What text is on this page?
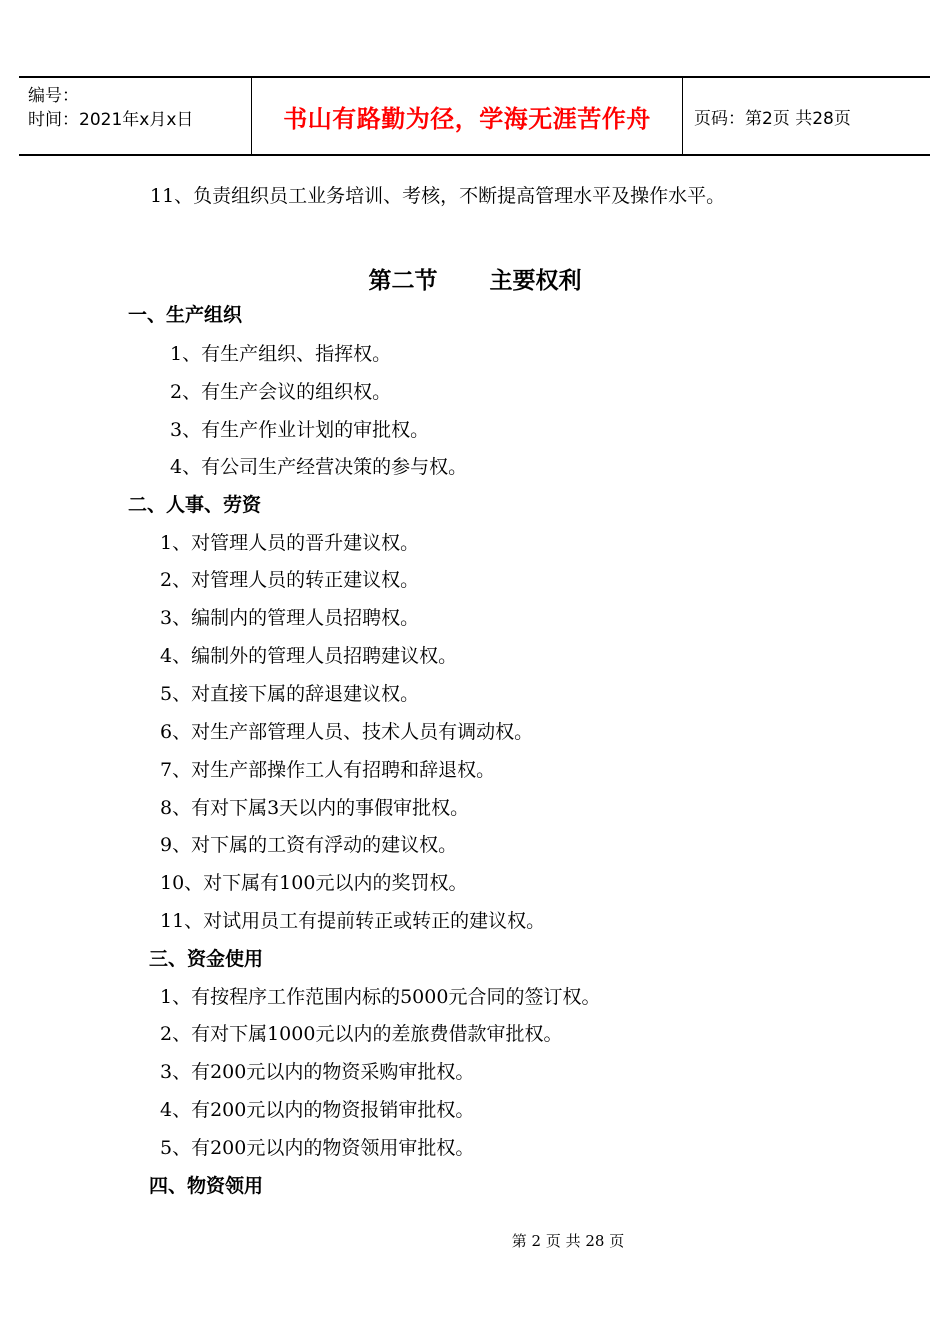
编号：
时间：2021年x月x日	书山有路勤为径，学海无涯苦作舟	页码：第2页 共28页
11、负责组织员工业务培训、考核，不断提高管理水平及操作水平。
第二节 主要权利
一、生产组织
1、有生产组织、指挥权。
2、有生产会议的组织权。
3、有生产作业计划的审批权。
4、有公司生产经营决策的参与权。
二、人事、劳资
1、对管理人员的晋升建议权。
2、对管理人员的转正建议权。
3、编制内的管理人员招聘权。
4、编制外的管理人员招聘建议权。
5、对直接下属的辞退建议权。
6、对生产部管理人员、技术人员有调动权。
7、对生产部操作工人有招聘和辞退权。
8、有对下属3天以内的事假审批权。
9、对下属的工资有浮动的建议权。
10、对下属有100元以内的奖罚权。
11、对试用员工有提前转正或转正的建议权。
三、资金使用
1、有按程序工作范围内标的5000元合同的签订权。
2、有对下属1000元以内的差旅费借款审批权。
3、有200元以内的物资采购审批权。
4、有200元以内的物资报销审批权。
5、有200元以内的物资领用审批权。
四、物资领用
第 2 页 共 28 页
